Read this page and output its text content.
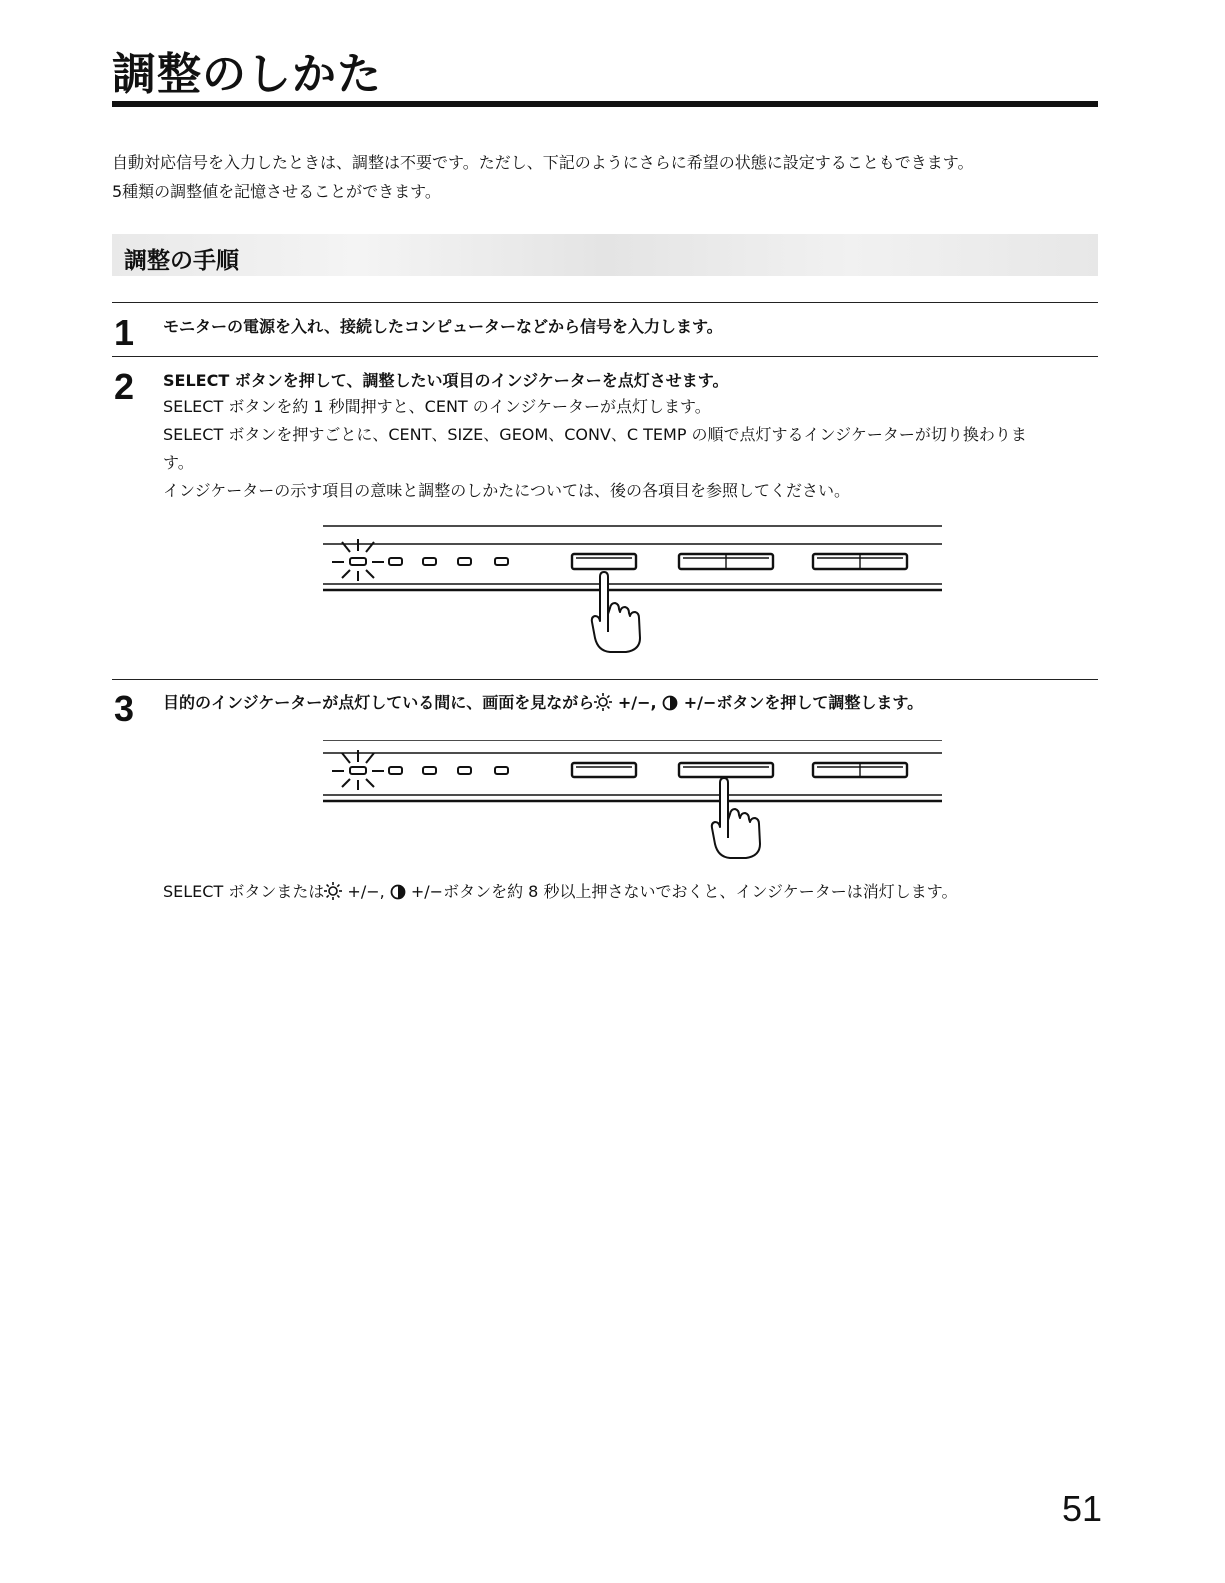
調整のしかた

自動対応信号を入力したときは、調整は不要です。ただし、下記のようにさらに希望の状態に設定することもできます。

5種類の調整値を記憶させることができます。

調整の手順
1 モニターの電源を入れ、接続したコンピューターなどから信号を入力します。

2 SELECT ボタンを押して、調整したい項目のインジケーターを点灯させます。

SELECT ボタンを約 1 秒間押すと、CENT のインジケーターが点灯します。

SELECT ボタンを押すごとに、CENT、SIZE、GEOM、CONV、C TEMP の順で点灯するインジケーターが切り換わりま

す。

インジケーターの示す項目の意味と調整のしかたについては、後の各項目を参照してください。

3 目的のインジケーターが点灯している間に、画面を見ながら +/−,  +/−ボタンを押して調整します。

SELECT ボタンまたは +/−,  +/−ボタンを約 8 秒以上押さないでおくと、インジケーターは消灯します。

51
